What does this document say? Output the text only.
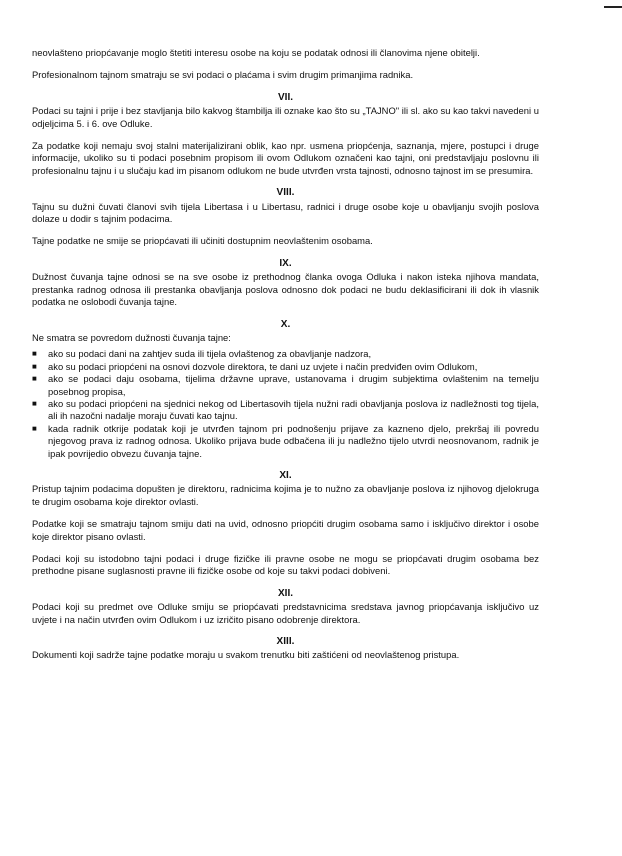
neovlašteno priopćavanje moglo štetiti interesu osobe na koju se podatak odnosi ili članovima njene obitelji.

Profesionalnom tajnom smatraju se svi podaci o plaćama i svim drugim primanjima radnika.

VII.

Podaci su tajni i prije i bez stavljanja bilo kakvog štambilja ili oznake kao što su „TAJNO" ili sl. ako su kao takvi navedeni u odjeljcima 5. i 6. ove Odluke.

Za podatke koji nemaju svoj stalni materijalizirani oblik, kao npr. usmena priopćenja, saznanja, mjere, postupci i druge informacije, ukoliko su ti podaci posebnim propisom ili ovom Odlukom označeni kao tajni, oni predstavljaju poslovnu ili profesionalnu tajnu i u slučaju kad im pisanom odlukom ne bude utvrđen vrsta tajnosti, odnosno tajnost im se presumira.

VIII.

Tajnu su dužni čuvati članovi svih tijela Libertasa i u Libertasu, radnici i druge osobe koje u obavljanju svojih poslova dolaze u dodir s tajnim podacima.

Tajne podatke ne smije se priopćavati ili učiniti dostupnim neovlaštenim osobama.

IX.

Dužnost čuvanja tajne odnosi se na sve osobe iz prethodnog članka ovoga Odluka i nakon isteka njihova mandata, prestanka radnog odnosa ili prestanka obavljanja poslova odnosno dok podaci ne budu deklasificirani ili dok ih vlasnik podatka ne oslobodi čuvanja tajne.

X.

Ne smatra se povredom dužnosti čuvanja tajne:

■	ako su podaci dani na zahtjev suda ili tijela ovlaštenog za obavljanje nadzora,
■	ako su podaci priopćeni na osnovi dozvole direktora, te dani uz uvjete i način predviđen ovim Odlukom,
■	ako se podaci daju osobama, tijelima državne uprave, ustanovama i drugim subjektima ovlaštenim na temelju posebnog propisa,
■	ako su podaci priopćeni na sjednici nekog od Libertasovih tijela nužni radi obavljanja poslova iz nadležnosti tog tijela, ali ih nazočni nadalje moraju čuvati kao tajnu.
■	kada radnik otkrije podatak koji je utvrđen tajnom pri podnošenju prijave za kazneno djelo, prekršaj ili povredu njegovog prava iz radnog odnosa. Ukoliko prijava bude odbačena ili ju nadležno tijelo utvrdi neosnovanom, radnik je ipak povrijedio obvezu čuvanja tajne.
XI.

Pristup tajnim podacima dopušten je direktoru, radnicima kojima je to nužno za obavljanje poslova iz njihovog djelokruga te drugim osobama koje direktor ovlasti.

Podatke koji se smatraju tajnom smiju dati na uvid, odnosno priopćiti drugim osobama samo i isključivo direktor i osobe koje direktor pisano ovlasti.

Podaci koji su istodobno tajni podaci i druge fizičke ili pravne osobe ne mogu se priopćavati drugim osobama bez prethodne pisane suglasnosti pravne ili fizičke osobe od koje su takvi podaci dobiveni.

XII.

Podaci koji su predmet ove Odluke smiju se priopćavati predstavnicima sredstava javnog priopćavanja isključivo uz uvjete i na način utvrđen ovim Odlukom i uz izričito pisano odobrenje direktora.

XIII.

Dokumenti koji sadrže tajne podatke moraju u svakom trenutku biti zaštićeni od neovlaštenog pristupa.
